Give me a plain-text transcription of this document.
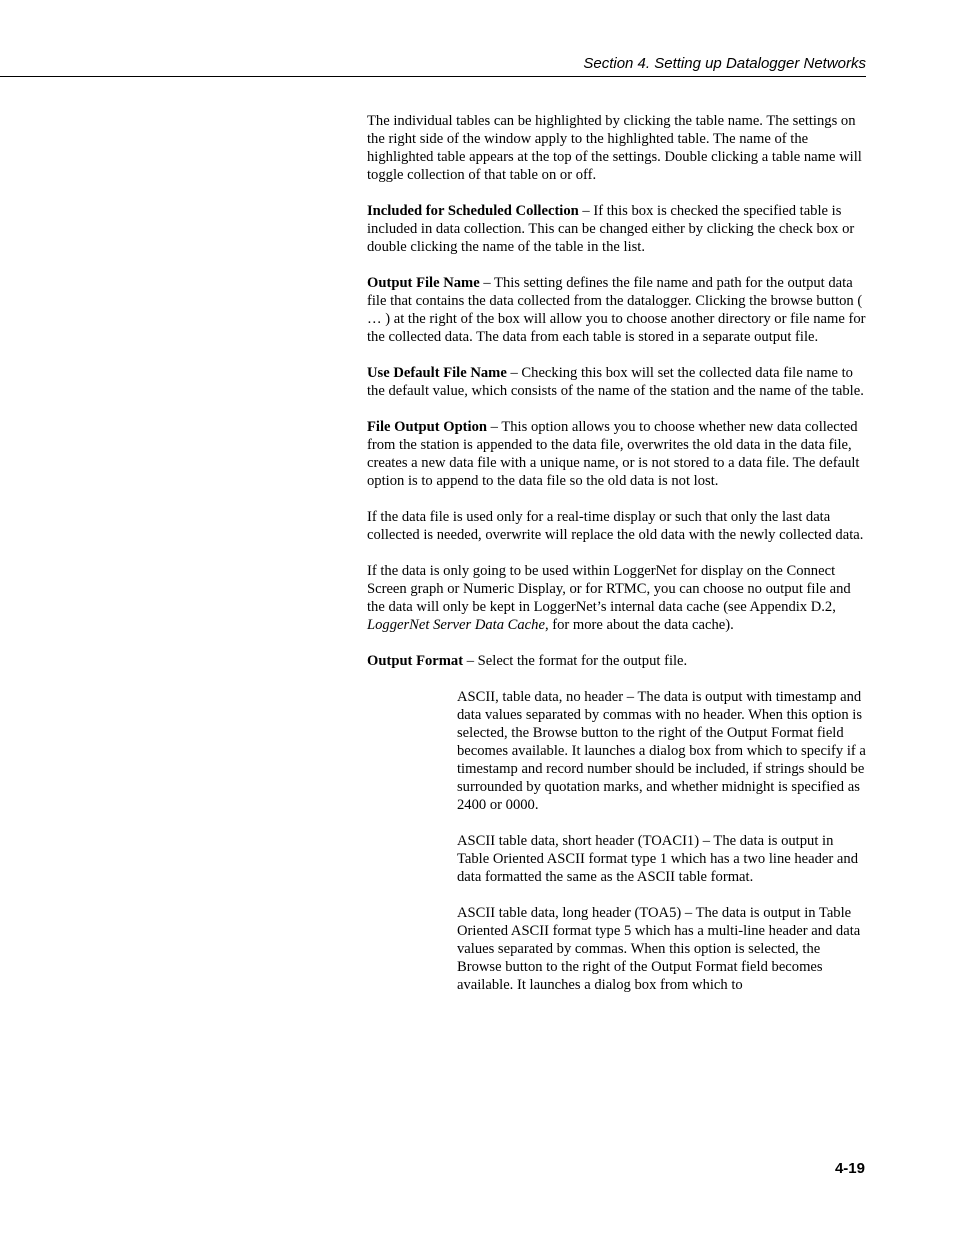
Section 4. Setting up Datalogger Networks

The individual tables can be highlighted by clicking the table name. The settings on the right side of the window apply to the highlighted table. The name of the highlighted table appears at the top of the settings. Double clicking a table name will toggle collection of that table on or off.

Included for Scheduled Collection – If this box is checked the specified table is included in data collection. This can be changed either by clicking the check box or double clicking the name of the table in the list.

Output File Name – This setting defines the file name and path for the output data file that contains the data collected from the datalogger. Clicking the browse button ( … ) at the right of the box will allow you to choose another directory or file name for the collected data. The data from each table is stored in a separate output file.

Use Default File Name – Checking this box will set the collected data file name to the default value, which consists of the name of the station and the name of the table.

File Output Option – This option allows you to choose whether new data collected from the station is appended to the data file, overwrites the old data in the data file, creates a new data file with a unique name, or is not stored to a data file. The default option is to append to the data file so the old data is not lost.

If the data file is used only for a real-time display or such that only the last data collected is needed, overwrite will replace the old data with the newly collected data.

If the data is only going to be used within LoggerNet for display on the Connect Screen graph or Numeric Display, or for RTMC, you can choose no output file and the data will only be kept in LoggerNet’s internal data cache (see Appendix D.2, LoggerNet Server Data Cache, for more about the data cache).

Output Format – Select the format for the output file.

ASCII, table data, no header – The data is output with timestamp and data values separated by commas with no header. When this option is selected, the Browse button to the right of the Output Format field becomes available. It launches a dialog box from which to specify if a timestamp and record number should be included, if strings should be surrounded by quotation marks, and whether midnight is specified as 2400 or 0000.

ASCII table data, short header (TOACI1) – The data is output in Table Oriented ASCII format type 1 which has a two line header and data formatted the same as the ASCII table format.

ASCII table data, long header (TOA5) – The data is output in Table Oriented ASCII format type 5 which has a multi-line header and data values separated by commas. When this option is selected, the Browse button to the right of the Output Format field becomes available. It launches a dialog box from which to

4-19
